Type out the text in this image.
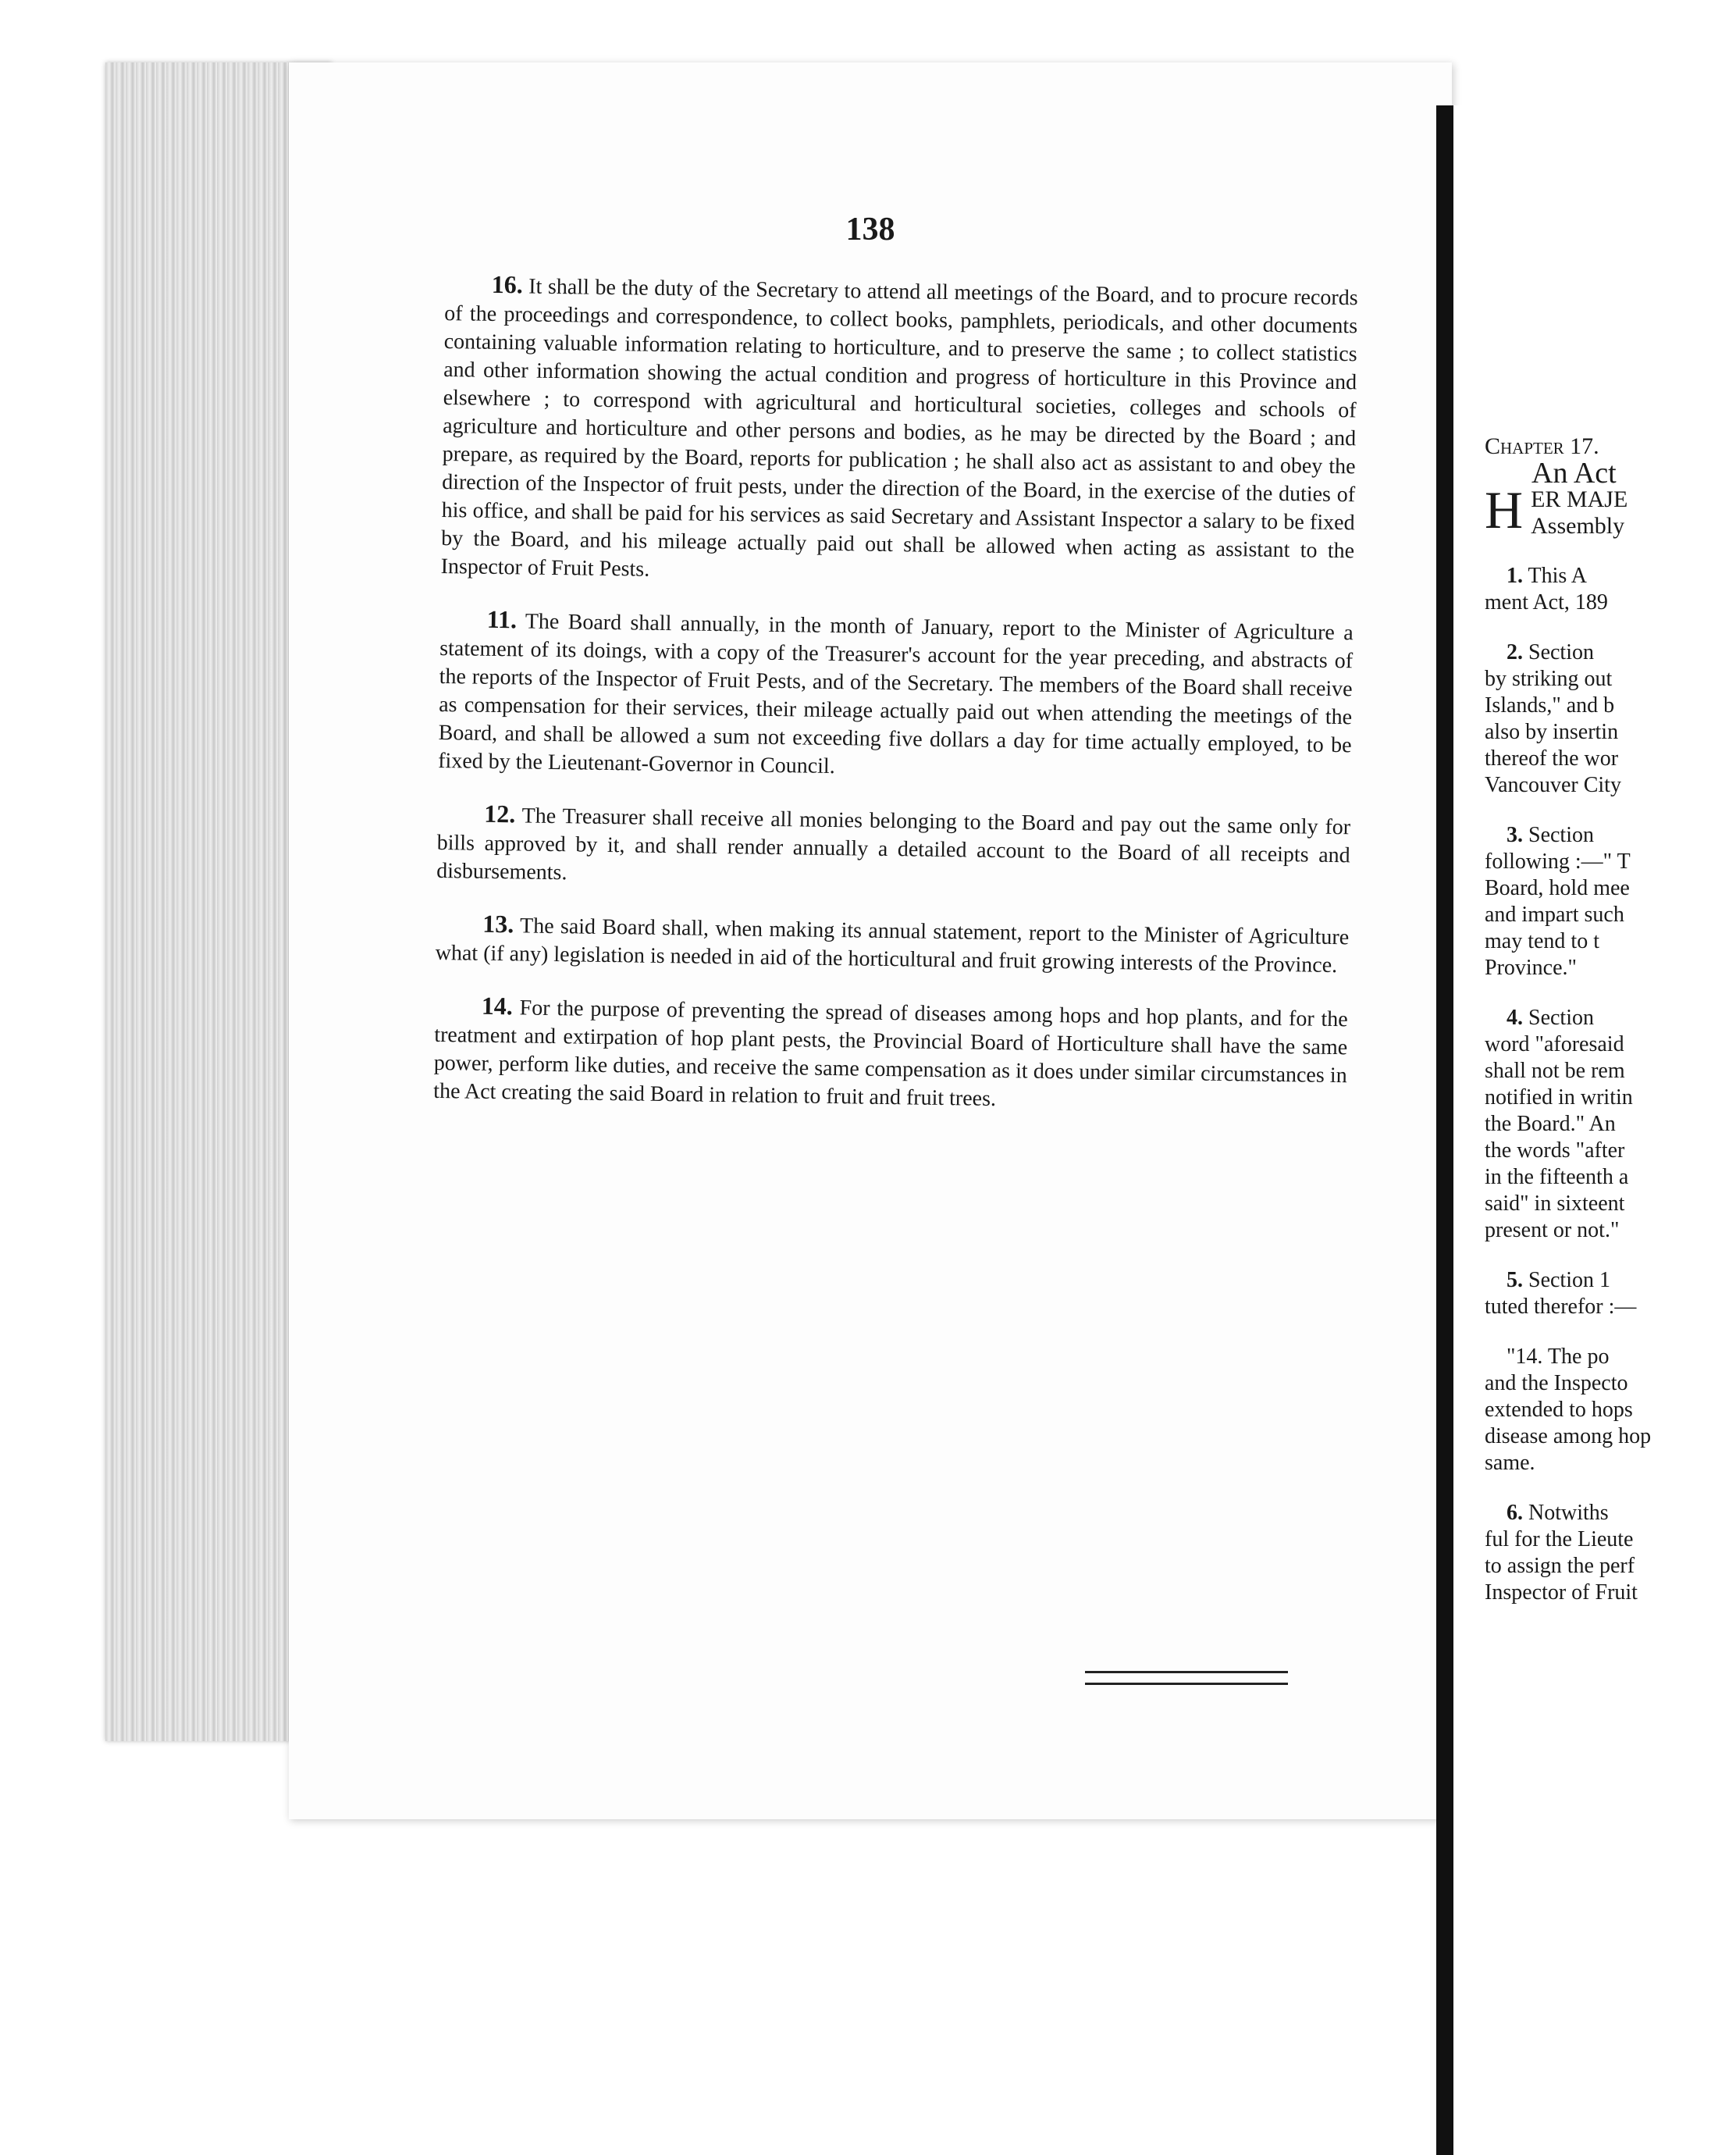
138

16. It shall be the duty of the Secretary to attend all meetings of the Board, and to procure records of the proceedings and correspondence, to collect books, pamphlets, periodicals, and other documents containing valuable information relating to horticulture, and to preserve the same ; to collect statistics and other information showing the actual condition and progress of horticulture in this Province and elsewhere ; to correspond with agricultural and horticultural societies, colleges and schools of agriculture and horticulture and other persons and bodies, as he may be directed by the Board ; and prepare, as required by the Board, reports for publication ; he shall also act as assistant to and obey the direction of the Inspector of fruit pests, under the direction of the Board, in the exercise of the duties of his office, and shall be paid for his services as said Secretary and Assistant Inspector a salary to be fixed by the Board, and his mileage actually paid out shall be allowed when acting as assistant to the Inspector of Fruit Pests.

11. The Board shall annually, in the month of January, report to the Minister of Agriculture a statement of its doings, with a copy of the Treasurer's account for the year preceding, and abstracts of the reports of the Inspector of Fruit Pests, and of the Secretary. The members of the Board shall receive as compensation for their services, their mileage actually paid out when attending the meetings of the Board, and shall be allowed a sum not exceeding five dollars a day for time actually employed, to be fixed by the Lieutenant-Governor in Council.

12. The Treasurer shall receive all monies belonging to the Board and pay out the same only for bills approved by it, and shall render annually a detailed account to the Board of all receipts and disbursements.

13. The said Board shall, when making its annual statement, report to the Minister of Agriculture what (if any) legislation is needed in aid of the horticultural and fruit growing interests of the Province.

14. For the purpose of preventing the spread of diseases among hops and hop plants, and for the treatment and extirpation of hop plant pests, the Provincial Board of Horticulture shall have the same power, perform like duties, and receive the same compensation as it does under similar circumstances in the Act creating the said Board in relation to fruit and fruit trees.

Chapter 17.
An Act
H ER MAJE
Assembly
1. This A
ment Act, 189
2. Section
by striking out
Islands," and b
also by insertin
thereof the wor
Vancouver City
3. Section
following :—" T
Board, hold mee
and impart such
may tend to t
Province."
4. Section
word "aforesaid
shall not be rem
notified in writin
the Board." An
the words "after
in the fifteenth a
said" in sixteent
present or not."
5. Section 1
tuted therefor :—
"14. The po
and the Inspecto
extended to hops
disease among hop
same.
6. Notwiths
ful for the Lieute
to assign the perf
Inspector of Fruit
